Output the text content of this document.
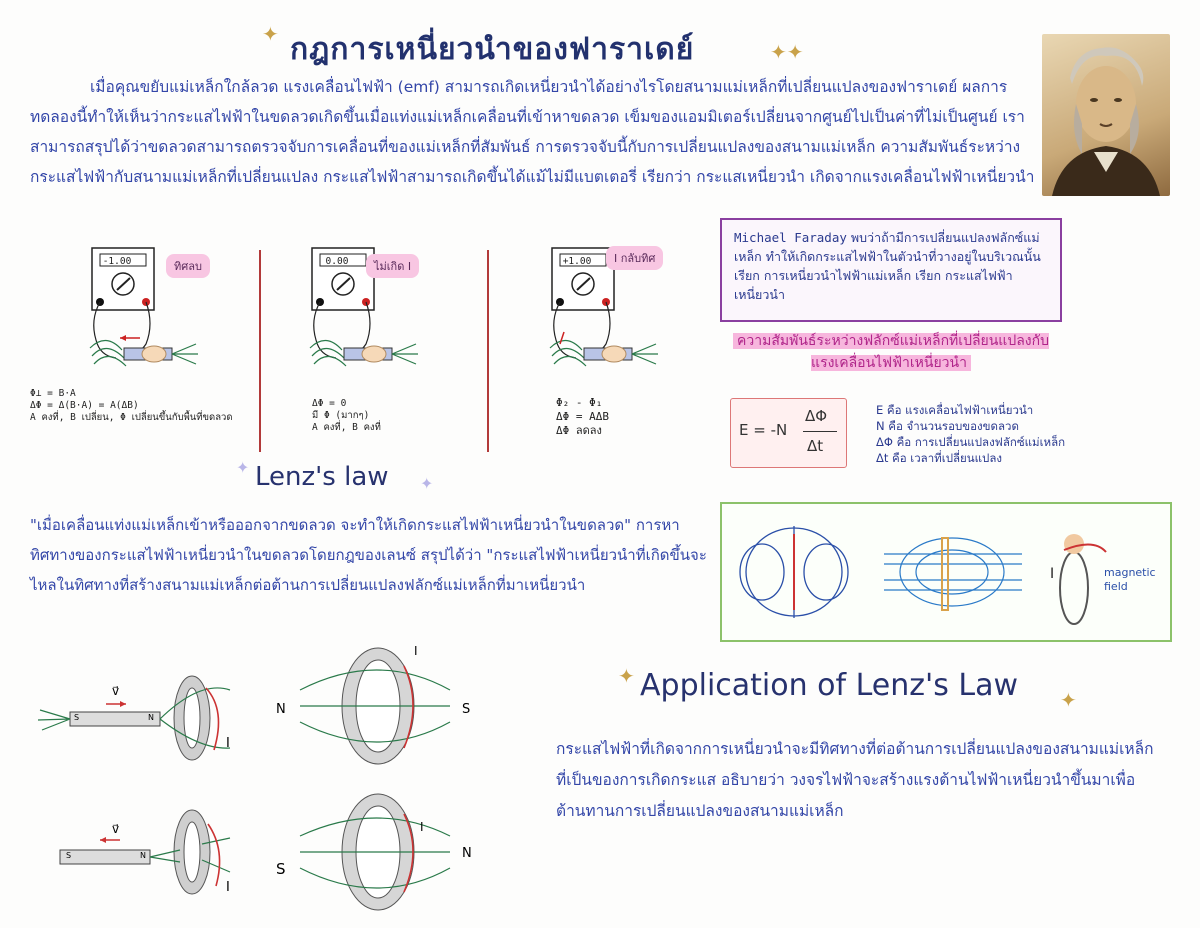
✦ กฎการเหนี่ยวนำของฟาราเดย์	✦✦
เมื่อคุณขยับแม่เหล็กใกล้ลวด แรงเคลื่อนไฟฟ้า (emf) สามารถเกิดเหนี่ยวนำได้อย่างไรโดยสนามแม่เหล็กที่เปลี่ยนแปลงของฟาราเดย์ ผลการทดลองนี้ทำให้เห็นว่ากระแสไฟฟ้าในขดลวดเกิดขึ้นเมื่อแท่งแม่เหล็กเคลื่อนที่เข้าหาขดลวด เข็มของแอมมิเตอร์เปลี่ยนจากศูนย์ไปเป็นค่าที่ไม่เป็นศูนย์ เราสามารถสรุปได้ว่าขดลวดสามารถตรวจจับการเคลื่อนที่ของแม่เหล็กที่สัมพันธ์ การตรวจจับนี้กับการเปลี่ยนแปลงของสนามแม่เหล็ก ความสัมพันธ์ระหว่างกระแสไฟฟ้ากับสนามแม่เหล็กที่เปลี่ยนแปลง กระแสไฟฟ้าสามารถเกิดขึ้นได้แม้ไม่มีแบตเตอรี่ เรียกว่า กระแสเหนี่ยวนำ เกิดจากแรงเคลื่อนไฟฟ้าเหนี่ยวนำ
-1.00	0.00	+1.00
ทิศลบ	ไม่เกิด I
I กลับทิศ
Φ⊥ = B·A
ΔΦ = Δ(B·A) = A(ΔB)
A คงที่, B เปลี่ยน, Φ เปลี่ยนขึ้นกับพื้นที่ขดลวด
ΔΦ = 0
มี Φ (มากๆ)
A คงที่, B คงที่
Φ₂ - Φ₁
ΔΦ = AΔB
ΔΦ ลดลง
Michael Faraday พบว่าถ้ามีการเปลี่ยนแปลงฟลักซ์แม่เหล็ก ทำให้เกิดกระแสไฟฟ้าในตัวนำที่วางอยู่ในบริเวณนั้น เรียก การเหนี่ยวนำไฟฟ้าแม่เหล็ก เรียก กระแสไฟฟ้าเหนี่ยวนำ
ความสัมพันธ์ระหว่างฟลักซ์แม่เหล็กที่เปลี่ยนแปลงกับแรงเคลื่อนไฟฟ้าเหนี่ยวนำ
E = -N
ΔΦ
Δt
E คือ แรงเคลื่อนไฟฟ้าเหนี่ยวนำ
N คือ จำนวนรอบของขดลวด
ΔΦ คือ การเปลี่ยนแปลงฟลักซ์แม่เหล็ก
Δt คือ เวลาที่เปลี่ยนแปลง
✦ Lenz's law ✦
"เมื่อเคลื่อนแท่งแม่เหล็กเข้าหรือออกจากขดลวด จะทำให้เกิดกระแสไฟฟ้าเหนี่ยวนำในขดลวด" การหาทิศทางของกระแสไฟฟ้าเหนี่ยวนำในขดลวดโดยกฎของเลนซ์ สรุปได้ว่า "กระแสไฟฟ้าเหนี่ยวนำที่เกิดขึ้นจะไหลในทิศทางที่สร้างสนามแม่เหล็กต่อต้านการเปลี่ยนแปลงฟลักซ์แม่เหล็กที่มาเหนี่ยวนำ
magnetic field
I
v⃗
v⃗
S	N
S	N
I
I
N	S
S
N
I
I
✦ Application of Lenz's Law ✦
กระแสไฟฟ้าที่เกิดจากการเหนี่ยวนำจะมีทิศทางที่ต่อต้านการเปลี่ยนแปลงของสนามแม่เหล็กที่เป็นของการเกิดกระแส อธิบายว่า วงจรไฟฟ้าจะสร้างแรงต้านไฟฟ้าเหนี่ยวนำขึ้นมาเพื่อต้านทานการเปลี่ยนแปลงของสนามแม่เหล็ก
